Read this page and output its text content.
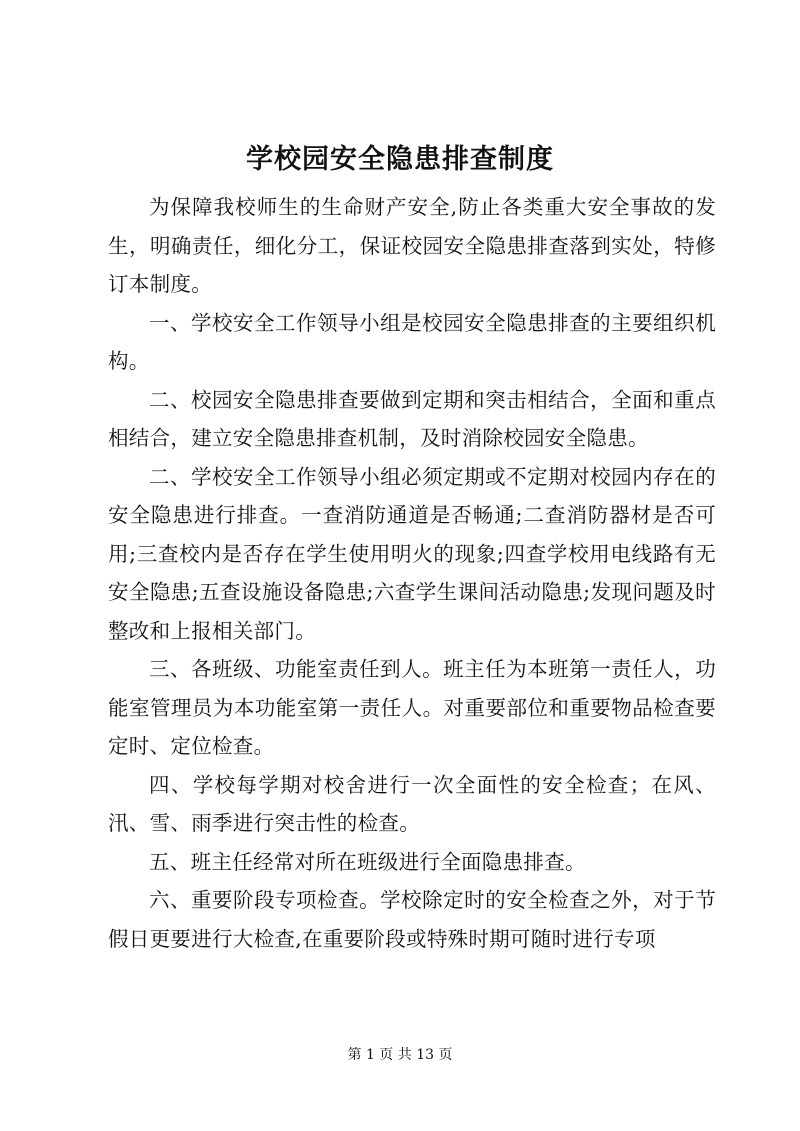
学校园安全隐患排查制度

为保障我校师生的生命财产安全,防止各类重大安全事故的发生，明确责任，细化分工，保证校园安全隐患排查落到实处，特修订本制度。

一、学校安全工作领导小组是校园安全隐患排查的主要组织机构。

二、校园安全隐患排查要做到定期和突击相结合，全面和重点相结合，建立安全隐患排查机制，及时消除校园安全隐患。

二、学校安全工作领导小组必须定期或不定期对校园内存在的安全隐患进行排查。一查消防通道是否畅通;二查消防器材是否可用;三查校内是否存在学生使用明火的现象;四查学校用电线路有无安全隐患;五查设施设备隐患;六查学生课间活动隐患;发现问题及时整改和上报相关部门。

三、各班级、功能室责任到人。班主任为本班第一责任人，功能室管理员为本功能室第一责任人。对重要部位和重要物品检查要定时、定位检查。

四、学校每学期对校舍进行一次全面性的安全检查；在风、汛、雪、雨季进行突击性的检查。

五、班主任经常对所在班级进行全面隐患排查。

六、重要阶段专项检查。学校除定时的安全检查之外，对于节假日更要进行大检查,在重要阶段或特殊时期可随时进行专项

第 1 页 共 13 页
